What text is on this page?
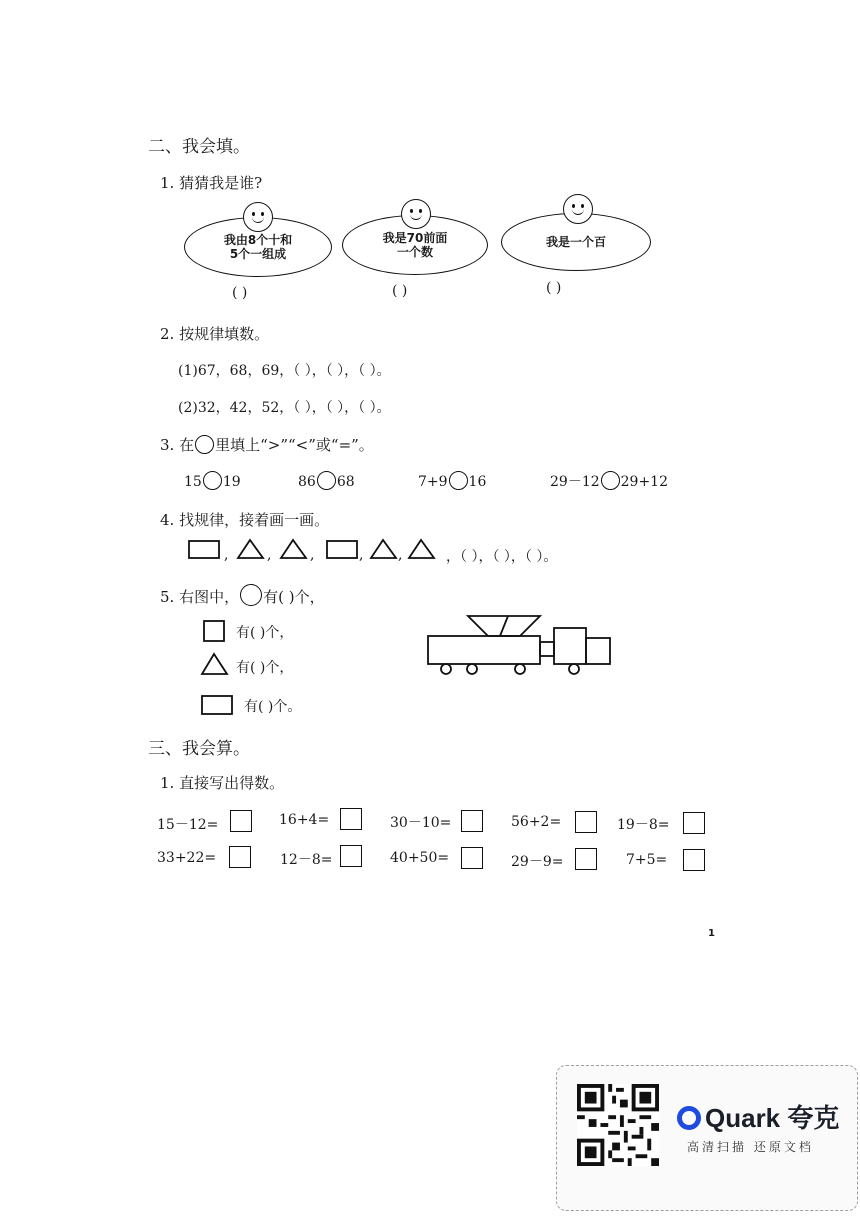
二、我会填。
1. 猜猜我是谁?
我由8个十和
5个一组成
( )
我是70前面
一个数
( )
我是一个百
( )
2. 按规律填数。
(1)67，68，69，（ ），（ ），（ ）。
(2)32，42，52，（ ），（ ），（ ）。
3. 在 里填上“>”“<”或“=”。
15 19	86 68	7+9 16	29－12 29+12
4. 找规律，接着画一画。
,	,	,	, ,	，（ ），（ ），（ ）。
5. 右图中， 有( )个，
有( )个，
有( )个，
有( )个。
三、我会算。
1. 直接写出得数。
15－12=	16+4=	30－10=	56+2=	19－8=
33+22=	12－8=	40+50=	29－9=	7+5=
1
Quark 夸克
高清扫描 还原文档
